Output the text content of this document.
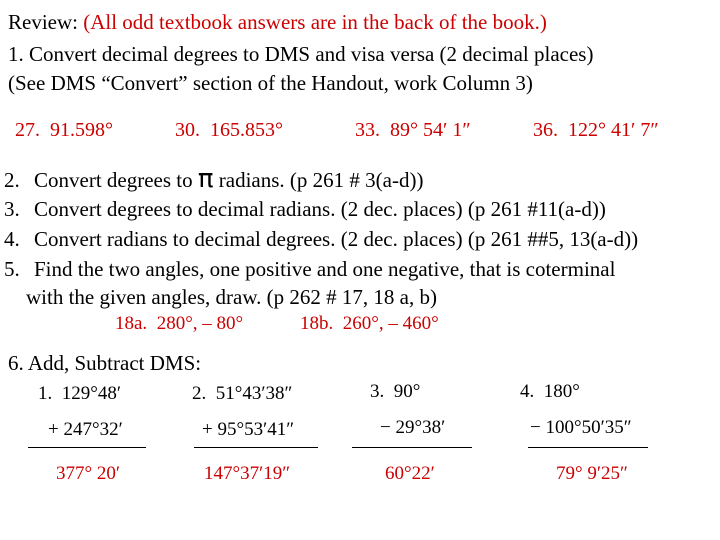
Review: (All odd textbook answers are in the back of the book.)
1. Convert decimal degrees to DMS and visa versa (2 decimal places)
(See DMS “Convert” section of the Handout, work Column 3)
27. 91.598°	30. 165.853°	33. 89° 54′ 1″	36. 122° 41′ 7″
2. Convert degrees to π radians. (p 261 # 3(a-d))
3. Convert degrees to decimal radians. (2 dec. places) (p 261 #11(a-d))
4. Convert radians to decimal degrees. (2 dec. places) (p 261 ##5, 13(a-d))
5. Find the two angles, one positive and one negative, that is coterminal
with the given angles, draw. (p 262 # 17, 18 a, b)
18a. 280°, – 80°	18b. 260°, – 460°
6. Add, Subtract DMS:
1. 129°48′
+ 247°32′
377° 20′
2. 51°43′38″
+ 95°53′41″
147°37′19″
3. 90°
− 29°38′
60°22′
4. 180°
− 100°50′35″
79° 9′25″
